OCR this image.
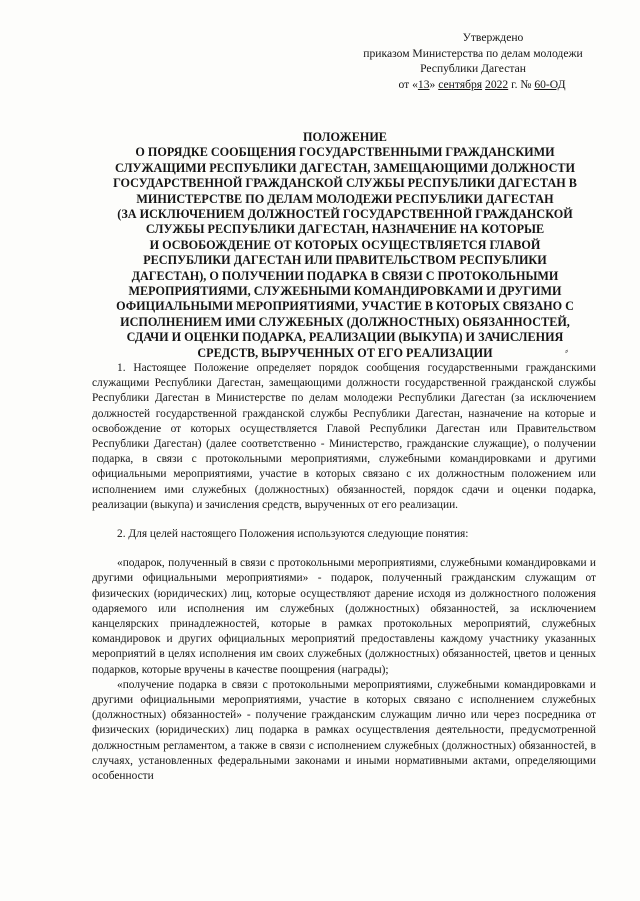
Утверждено
приказом Министерства по делам молодежи
Республики Дагестан
от «13» сентября 2022 г. № 60-ОД
ПОЛОЖЕНИЕ
О ПОРЯДКЕ СООБЩЕНИЯ ГОСУДАРСТВЕННЫМИ ГРАЖДАНСКИМИ
СЛУЖАЩИМИ РЕСПУБЛИКИ ДАГЕСТАН, ЗАМЕЩАЮЩИМИ ДОЛЖНОСТИ
ГОСУДАРСТВЕННОЙ ГРАЖДАНСКОЙ СЛУЖБЫ РЕСПУБЛИКИ ДАГЕСТАН В
МИНИСТЕРСТВЕ ПО ДЕЛАМ МОЛОДЕЖИ РЕСПУБЛИКИ ДАГЕСТАН
(ЗА ИСКЛЮЧЕНИЕМ ДОЛЖНОСТЕЙ ГОСУДАРСТВЕННОЙ ГРАЖДАНСКОЙ
СЛУЖБЫ РЕСПУБЛИКИ ДАГЕСТАН, НАЗНАЧЕНИЕ НА КОТОРЫЕ
И ОСВОБОЖДЕНИЕ ОТ КОТОРЫХ ОСУЩЕСТВЛЯЕТСЯ ГЛАВОЙ
РЕСПУБЛИКИ ДАГЕСТАН ИЛИ ПРАВИТЕЛЬСТВОМ РЕСПУБЛИКИ
ДАГЕСТАН), О ПОЛУЧЕНИИ ПОДАРКА В СВЯЗИ С ПРОТОКОЛЬНЫМИ
МЕРОПРИЯТИЯМИ, СЛУЖЕБНЫМИ КОМАНДИРОВКАМИ И ДРУГИМИ
ОФИЦИАЛЬНЫМИ МЕРОПРИЯТИЯМИ, УЧАСТИЕ В КОТОРЫХ СВЯЗАНО С
ИСПОЛНЕНИЕМ ИМИ СЛУЖЕБНЫХ (ДОЛЖНОСТНЫХ) ОБЯЗАННОСТЕЙ,
СДАЧИ И ОЦЕНКИ ПОДАРКА, РЕАЛИЗАЦИИ (ВЫКУПА) И ЗАЧИСЛЕНИЯ
СРЕДСТВ, ВЫРУЧЕННЫХ ОТ ЕГО РЕАЛИЗАЦИИ	⸗

1. Настоящее Положение определяет порядок сообщения государственными гражданскими служащими Республики Дагестан, замещающими должности государственной гражданской службы Республики Дагестан в Министерстве по делам молодежи Республики Дагестан (за исключением должностей государственной гражданской службы Республики Дагестан, назначение на которые и освобождение от которых осуществляется Главой Республики Дагестан или Правительством Республики Дагестан) (далее соответственно - Министерство, гражданские служащие), о получении подарка, в связи с протокольными мероприятиями, служебными командировками и другими официальными мероприятиями, участие в которых связано с их должностным положением или исполнением ими служебных (должностных) обязанностей, порядок сдачи и оценки подарка, реализации (выкупа) и зачисления средств, вырученных от его реализации.

2. Для целей настоящего Положения используются следующие понятия:

«подарок, полученный в связи с протокольными мероприятиями, служебными командировками и другими официальными мероприятиями» - подарок, полученный гражданским служащим от физических (юридических) лиц, которые осуществляют дарение исходя из должностного положения одаряемого или исполнения им служебных (должностных) обязанностей, за исключением канцелярских принадлежностей, которые в рамках протокольных мероприятий, служебных командировок и других официальных мероприятий предоставлены каждому участнику указанных мероприятий в целях исполнения им своих служебных (должностных) обязанностей, цветов и ценных подарков, которые вручены в качестве поощрения (награды);

«получение подарка в связи с протокольными мероприятиями, служебными командировками и другими официальными мероприятиями, участие в которых связано с исполнением служебных (должностных) обязанностей» - получение гражданским служащим лично или через посредника от физических (юридических) лиц подарка в рамках осуществления деятельности, предусмотренной должностным регламентом, а также в связи с исполнением служебных (должностных) обязанностей, в случаях, установленных федеральными законами и иными нормативными актами, определяющими особенности
